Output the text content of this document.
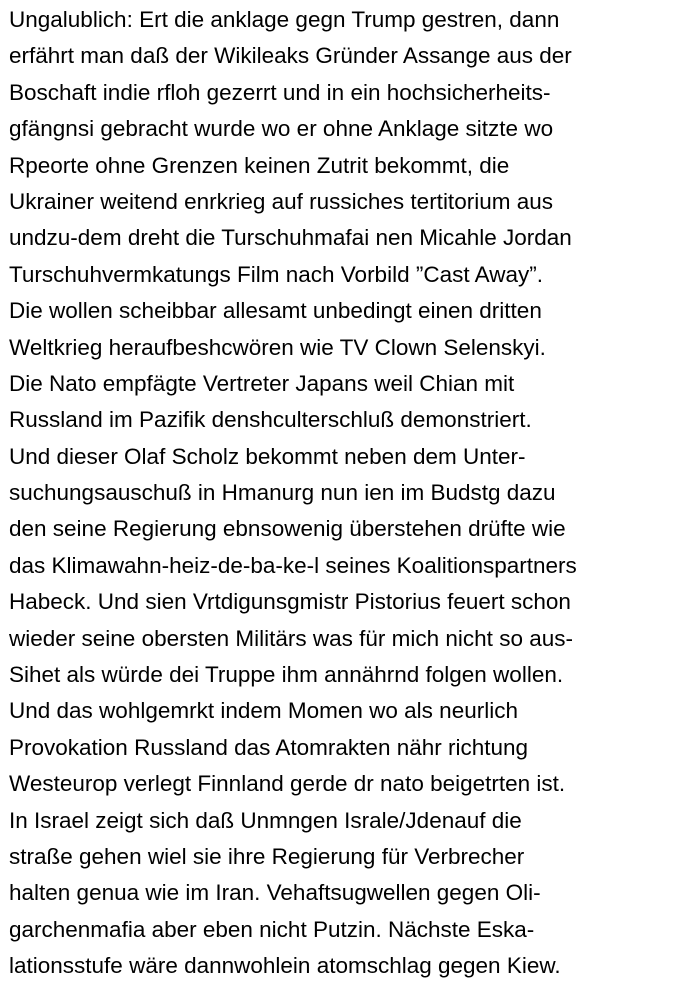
Ungalublich: Ert die anklage gegn Trump gestren, dann
erfährt man daß der Wikileaks Gründer Assange aus der
Boschaft indie rfloh gezerrt und in ein hochsicherheits-
gfängnsi gebracht wurde wo er ohne Anklage sitzte wo
Rpeorte ohne Grenzen keinen Zutrit bekommt, die
Ukrainer weitend enrkrieg auf russiches tertitorium aus
undzu-dem dreht die Turschuhmafai nen Micahle Jordan
Turschuhvermkatungs Film nach Vorbild ”Cast Away”.
Die wollen scheibbar allesamt unbedingt einen dritten
Weltkrieg heraufbeshcwören wie TV Clown Selenskyi.
Die Nato empfägte Vertreter Japans weil Chian mit
Russland im Pazifik denshculterschluß demonstriert.
Und dieser Olaf Scholz bekommt neben dem Unter-
suchungsauschuß in Hmanurg nun ien im Budstg dazu
den seine Regierung ebnsowenig überstehen drüfte wie
das Klimawahn-heiz-de-ba-ke-l seines Koalitionspartners
Habeck. Und sien Vrtdigunsgmistr Pistorius feuert schon
wieder seine obersten Militärs was für mich nicht so aus-
Sihet als würde dei Truppe ihm annährnd folgen wollen.
Und das wohlgemrkt indem Momen wo als neurlich
Provokation Russland das Atomrakten nähr richtung
Westeurop verlegt Finnland gerde dr nato beigetrten ist.
In Israel zeigt sich daß Unmngen Israle/Jdenauf die
straße gehen wiel sie ihre Regierung für Verbrecher
halten genua wie im Iran. Vehaftsugwellen gegen Oli-
garchenmafia aber eben nicht Putzin. Nächste Eska-
lationsstufe wäre dannwohlein atomschlag gegen Kiew.
